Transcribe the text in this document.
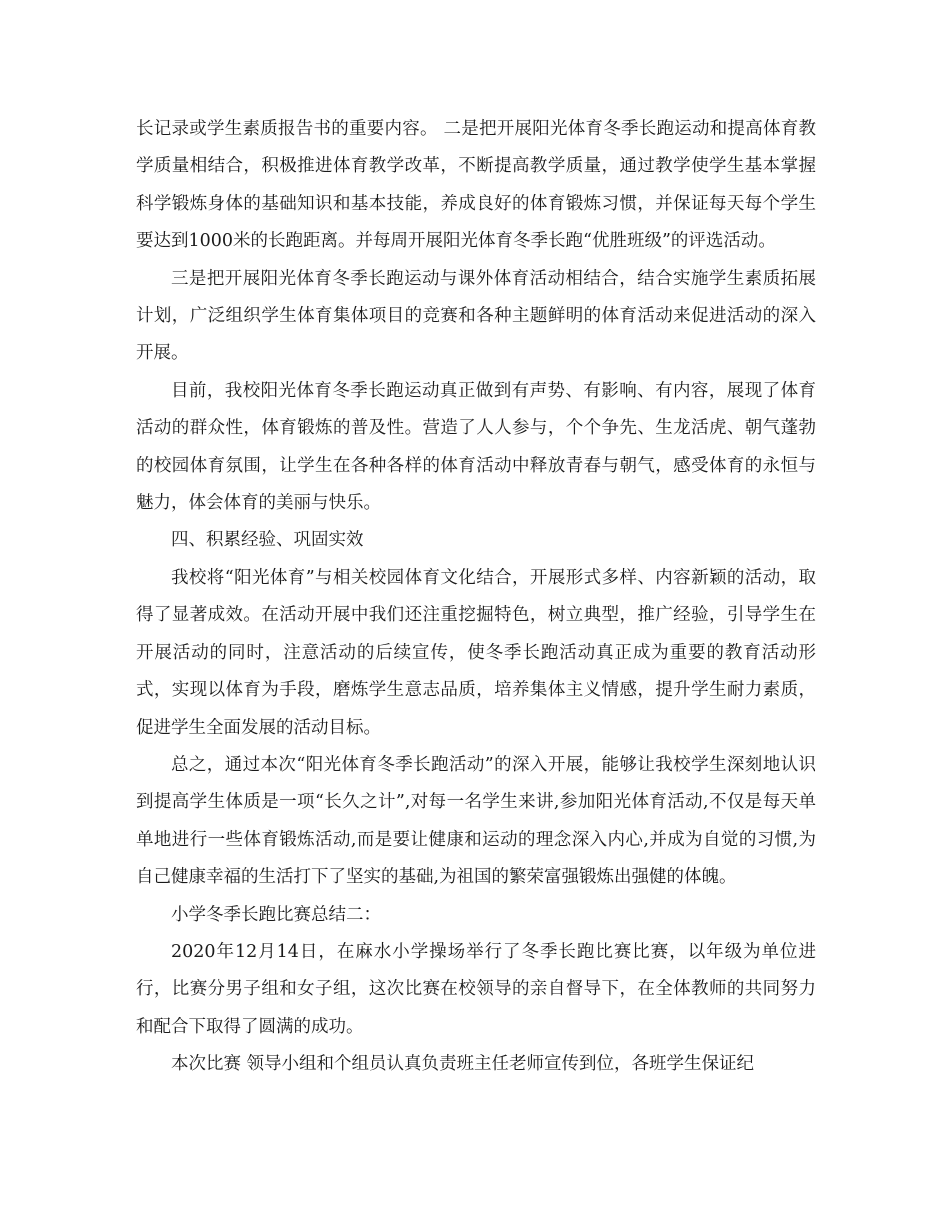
长记录或学生素质报告书的重要内容。 二是把开展阳光体育冬季长跑运动和提高体育教学质量相结合，积极推进体育教学改革，不断提高教学质量，通过教学使学生基本掌握科学锻炼身体的基础知识和基本技能，养成良好的体育锻炼习惯，并保证每天每个学生要达到1000米的长跑距离。并每周开展阳光体育冬季长跑“优胜班级”的评选活动。

三是把开展阳光体育冬季长跑运动与课外体育活动相结合，结合实施学生素质拓展计划，广泛组织学生体育集体项目的竞赛和各种主题鲜明的体育活动来促进活动的深入开展。

目前，我校阳光体育冬季长跑运动真正做到有声势、有影响、有内容，展现了体育活动的群众性，体育锻炼的普及性。营造了人人参与，个个争先、生龙活虎、朝气蓬勃的校园体育氛围，让学生在各种各样的体育活动中释放青春与朝气，感受体育的永恒与魅力，体会体育的美丽与快乐。

四、积累经验、巩固实效

我校将“阳光体育”与相关校园体育文化结合，开展形式多样、内容新颖的活动，取得了显著成效。在活动开展中我们还注重挖掘特色，树立典型，推广经验，引导学生在开展活动的同时，注意活动的后续宣传，使冬季长跑活动真正成为重要的教育活动形式，实现以体育为手段，磨炼学生意志品质，培养集体主义情感，提升学生耐力素质，促进学生全面发展的活动目标。

总之，通过本次“阳光体育冬季长跑活动”的深入开展，能够让我校学生深刻地认识到提高学生体质是一项“长久之计”,对每一名学生来讲,参加阳光体育活动,不仅是每天单单地进行一些体育锻炼活动,而是要让健康和运动的理念深入内心,并成为自觉的习惯,为自己健康幸福的生活打下了坚实的基础,为祖国的繁荣富强锻炼出强健的体魄。

小学冬季长跑比赛总结二：

2020年12月14日，在麻水小学操场举行了冬季长跑比赛比赛，以年级为单位进行，比赛分男子组和女子组，这次比赛在校领导的亲自督导下，在全体教师的共同努力和配合下取得了圆满的成功。

本次比赛 领导小组和个组员认真负责班主任老师宣传到位，各班学生保证纪
